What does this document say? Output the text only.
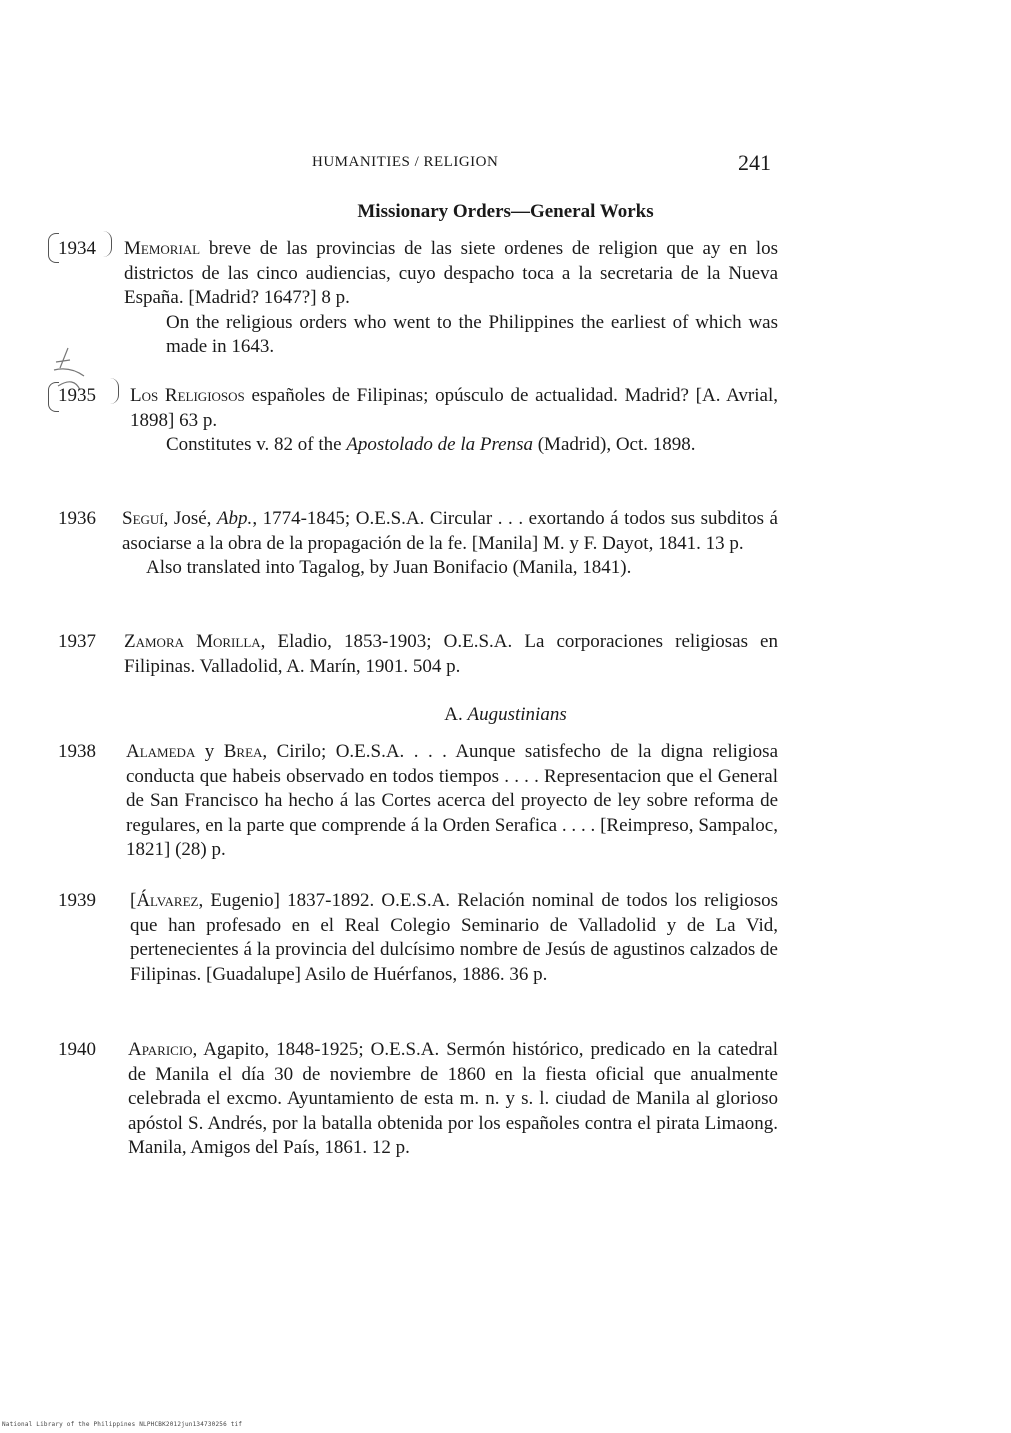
HUMANITIES / RELIGION	241
Missionary Orders—General Works
1934	Memorial breve de las provincias de las siete ordenes de religion que ay en los districtos de las cinco audiencias, cuyo despacho toca a la secretaria de la Nueva España. [Madrid? 1647?] 8 p.

On the religious orders who went to the Philippines the earliest of which was made in 1643.

1935	Los Religiosos españoles de Filipinas; opúsculo de actualidad. Madrid? [A. Avrial, 1898] 63 p.

Constitutes v. 82 of the Apostolado de la Prensa (Madrid), Oct. 1898.

1936	Seguí, José, Abp., 1774-1845; O.E.S.A. Circular . . . exortando á todos sus subditos á asociarse a la obra de la propagación de la fe. [Manila] M. y F. Dayot, 1841. 13 p.

Also translated into Tagalog, by Juan Bonifacio (Manila, 1841).

1937	Zamora Morilla, Eladio, 1853-1903; O.E.S.A. La corporaciones religiosas en Filipinas. Valladolid, A. Marín, 1901. 504 p.

A. Augustinians
1938	Alameda y Brea, Cirilo; O.E.S.A. . . . Aunque satisfecho de la digna religiosa conducta que habeis observado en todos tiempos . . . . Representacion que el General de San Francisco ha hecho á las Cortes acerca del proyecto de ley sobre reforma de regulares, en la parte que comprende á la Orden Serafica . . . . [Reimpreso, Sampaloc, 1821] (28) p.

1939	[Álvarez, Eugenio] 1837-1892. O.E.S.A. Relación nominal de todos los religiosos que han profesado en el Real Colegio Seminario de Valladolid y de La Vid, pertenecientes á la provincia del dulcísimo nombre de Jesús de agustinos calzados de Filipinas. [Guadalupe] Asilo de Huérfanos, 1886. 36 p.

1940	Aparicio, Agapito, 1848-1925; O.E.S.A. Sermón histórico, predicado en la catedral de Manila el día 30 de noviembre de 1860 en la fiesta oficial que anualmente celebrada el excmo. Ayuntamiento de esta m. n. y s. l. ciudad de Manila al glorioso apóstol S. Andrés, por la batalla obtenida por los españoles contra el pirata Limaong. Manila, Amigos del País, 1861. 12 p.

National Library of the Philippines NLPHCBK2012jun134730256 tif
